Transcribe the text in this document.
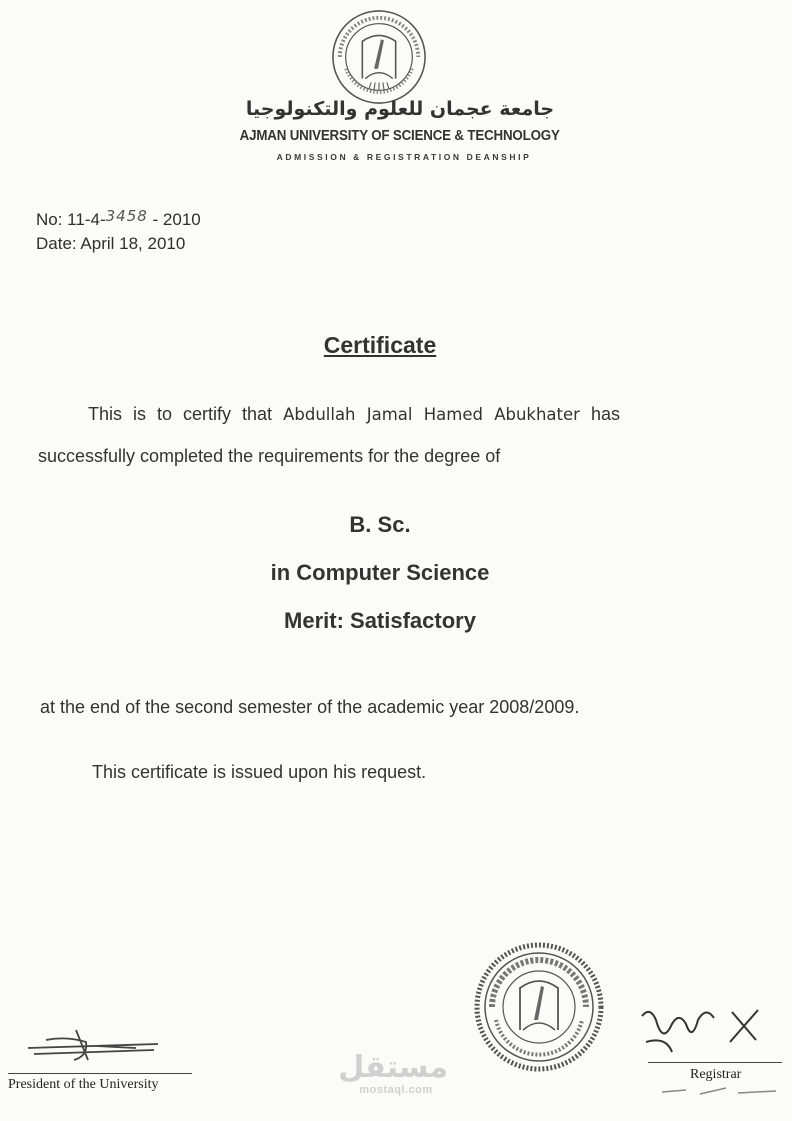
جامعة عجمان للعلوم والتكنولوجيا
AJMAN UNIVERSITY OF SCIENCE & TECHNOLOGY
ADMISSION & REGISTRATION DEANSHIP
No: 11-4-3458 - 2010
Date: April 18, 2010
Certificate
This is to certify that Abdullah Jamal Hamed Abukhater has
successfully completed the requirements for the degree of
B. Sc.
in Computer Science
Merit: Satisfactory
at the end of the second semester of the academic year 2008/2009.
This certificate is issued upon his request.
President of the University
Registrar
مستقل
mostaql.com
